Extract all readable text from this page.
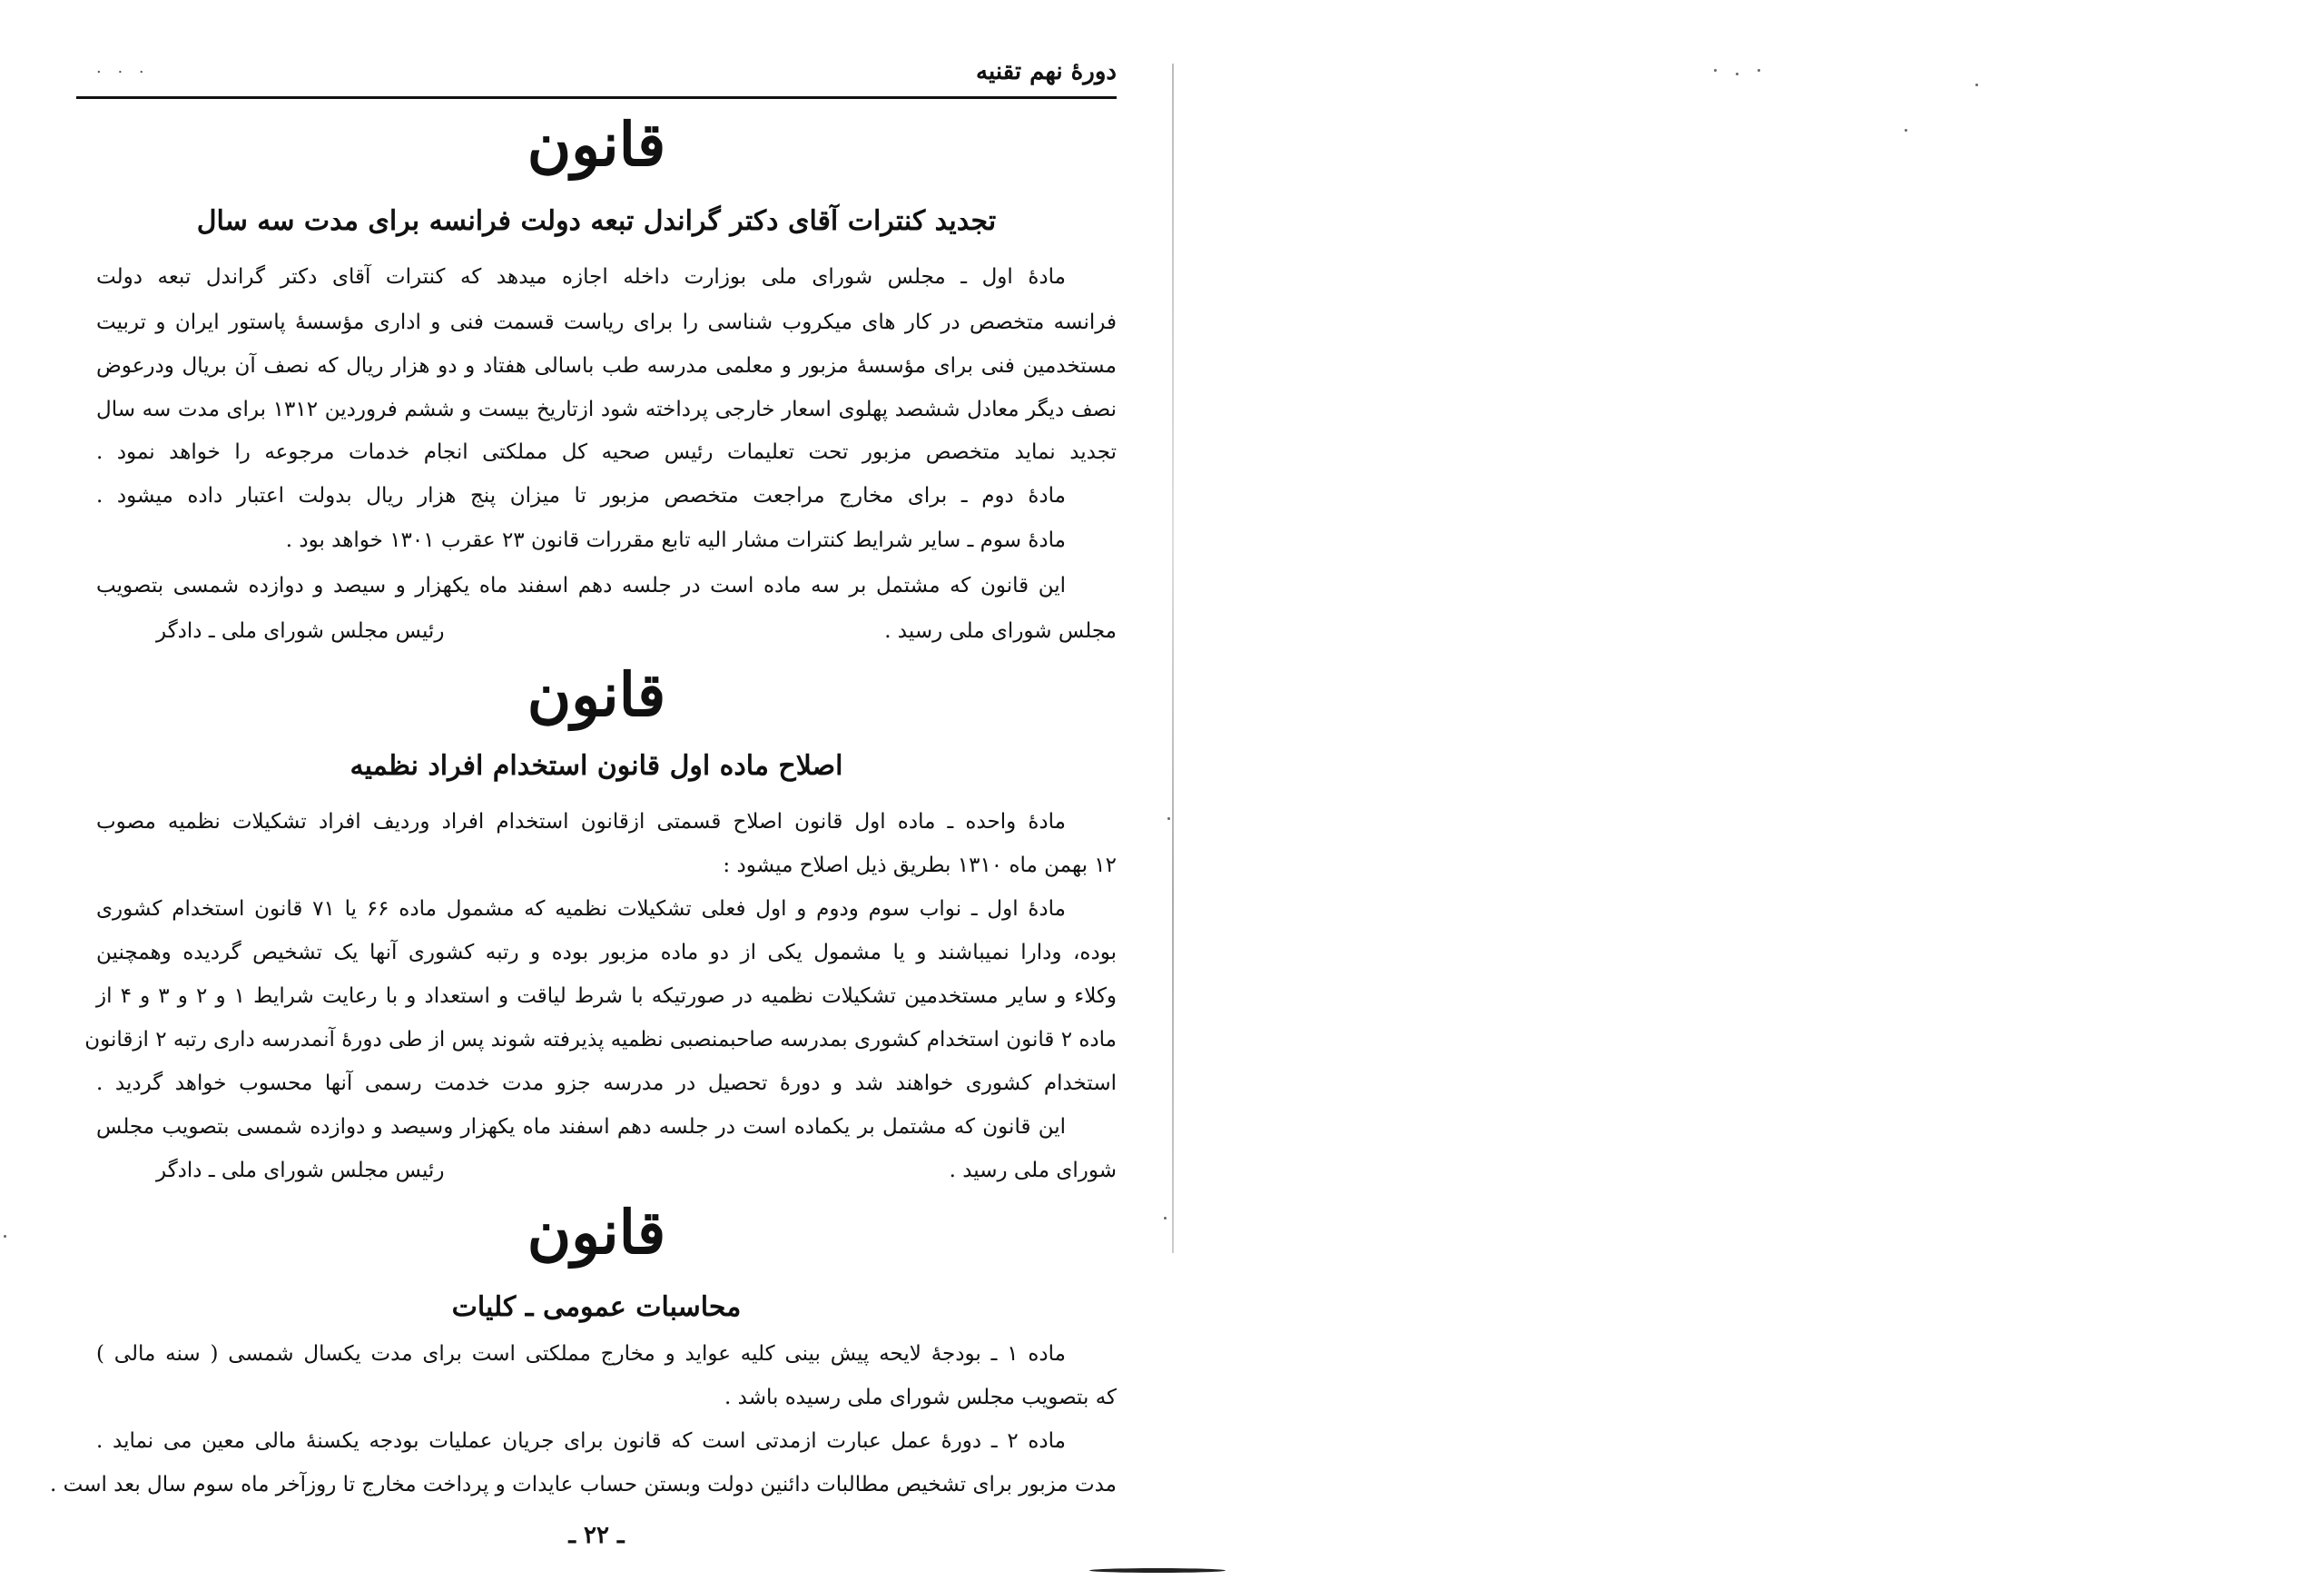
. . .	دورهٔ نهم تقنیه
قانون
تجدید کنترات آقای دکتر گراندل تبعه دولت فرانسه برای مدت سه سال
مادهٔ اول ـ مجلس شورای ملی بوزارت داخله اجازه میدهد که کنترات آقای دکتر گراندل تبعه دولت
فرانسه متخصص در کار های میکروب شناسی را برای ریاست قسمت فنی و اداری مؤسسهٔ پاستور ایران و تربیت
مستخدمین فنی برای مؤسسهٔ مزبور و معلمی مدرسه طب باسالی هفتاد و دو هزار ریال که نصف آن بریال ودرعوض
نصف دیگر معادل ششصد پهلوی اسعار خارجی پرداخته شود ازتاریخ بیست و ششم فروردین ۱۳۱۲ برای مدت سه سال
تجدید نماید متخصص مزبور تحت تعلیمات رئیس صحیه کل مملکتی انجام خدمات مرجوعه را خواهد نمود .
مادهٔ دوم ـ برای مخارج مراجعت متخصص مزبور تا میزان پنج هزار ریال بدولت اعتبار داده میشود .
مادهٔ سوم ـ سایر شرایط کنترات مشار الیه تابع مقررات قانون ۲۳ عقرب ۱۳۰۱ خواهد بود .
این قانون که مشتمل بر سه ماده است در جلسه دهم اسفند ماه یکهزار و سیصد و دوازده شمسی بتصویب
مجلس شورای ملی رسید .
رئیس مجلس شورای ملی ـ دادگر
قانون
اصلاح ماده اول قانون استخدام افراد نظمیه
مادهٔ واحده ـ ماده اول قانون اصلاح قسمتی ازقانون استخدام افراد وردیف افراد تشکیلات نظمیه مصوب
۱۲ بهمن ماه ۱۳۱۰ بطریق ذیل اصلاح میشود :
مادهٔ اول ـ نواب سوم ودوم و اول فعلی تشکیلات نظمیه که مشمول ماده ۶۶ یا ۷۱ قانون استخدام کشوری
بوده، ودارا نمیباشند و یا مشمول یکی از دو ماده مزبور بوده و رتبه کشوری آنها یک تشخیص گردیده وهمچنین
وکلاء و سایر مستخدمین تشکیلات نظمیه در صورتیکه با شرط لیاقت و استعداد و با رعایت شرایط ۱ و ۲ و ۳ و ۴ از
ماده ۲ قانون استخدام کشوری بمدرسه صاحبمنصبی نظمیه پذیرفته شوند پس از طی دورهٔ آنمدرسه داری رتبه ۲ ازقانون
استخدام کشوری خواهند شد و دورهٔ تحصیل در مدرسه جزو مدت خدمت رسمی آنها محسوب خواهد گردید .
این قانون که مشتمل بر یکماده است در جلسه دهم اسفند ماه یکهزار وسیصد و دوازده شمسی بتصویب مجلس
شورای ملی رسید .
رئیس مجلس شورای ملی ـ دادگر
قانون
محاسبات عمومی ـ کلیات
ماده ۱ ـ بودجهٔ لایحه پیش بینی کلیه عواید و مخارج مملکتی است برای مدت یکسال شمسی ( سنه مالی )
که بتصویب مجلس شورای ملی رسیده باشد .
ماده ۲ ـ دورهٔ عمل عبارت ازمدتی است که قانون برای جریان عملیات بودجه یکسنهٔ مالی معین می نماید .
مدت مزبور برای تشخیص مطالبات دائنین دولت وبستن حساب عایدات و پرداخت مخارج تا روزآخر ماه سوم سال بعد است .
ـ ۲۲ ـ
